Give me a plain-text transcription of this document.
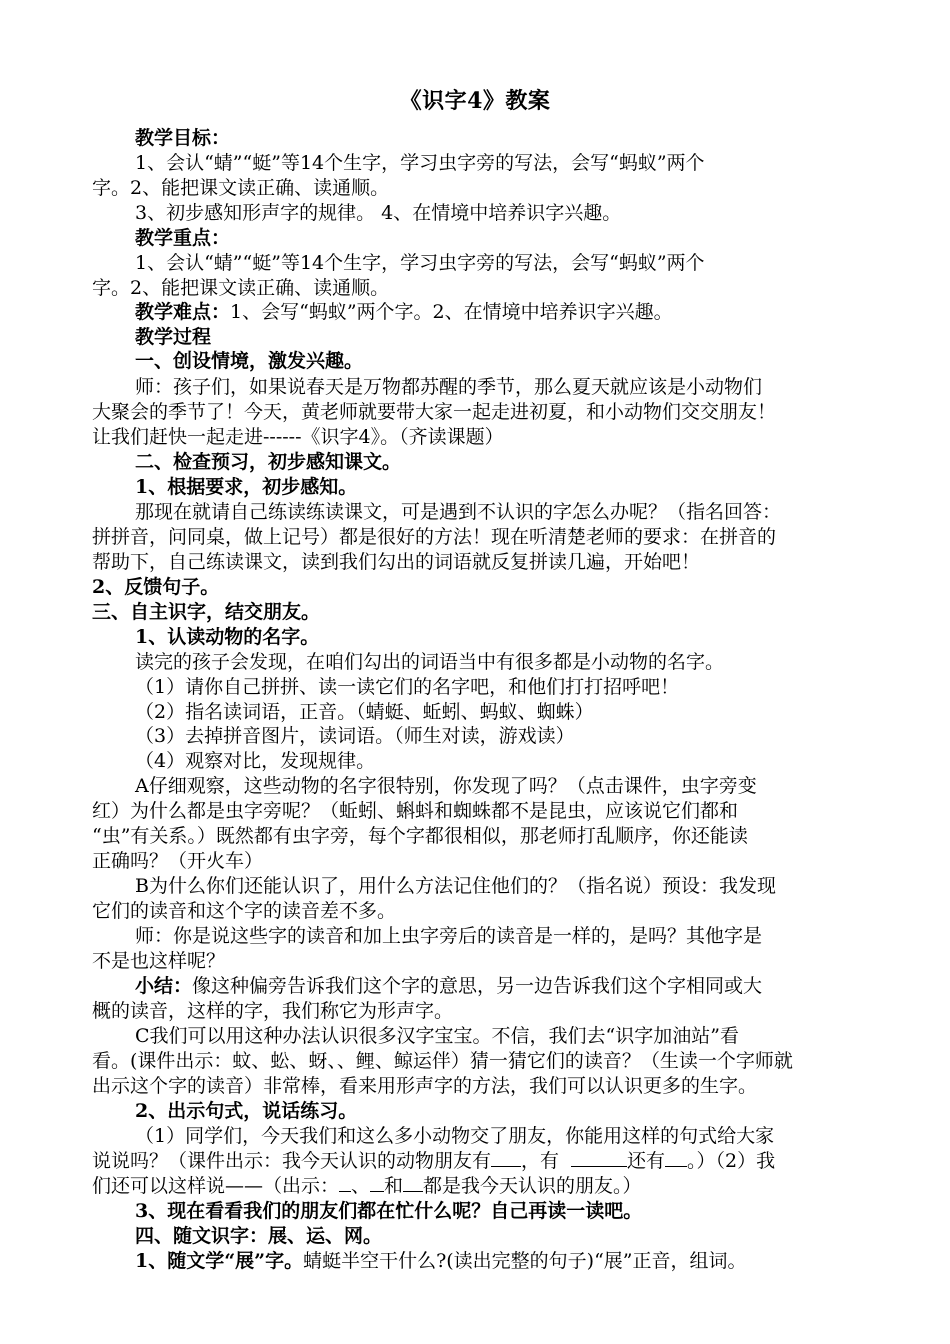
《识字4》教案
教学目标：
1、会认“蜻”“蜓”等14个生字，学习虫字旁的写法，会写“蚂蚁”两个
字。2、能把课文读正确、读通顺。
3、初步感知形声字的规律。 4、在情境中培养识字兴趣。
教学重点：
1、会认“蜻”“蜓”等14个生字，学习虫字旁的写法，会写“蚂蚁”两个
字。2、能把课文读正确、读通顺。
教学难点：1、会写“蚂蚁”两个字。2、在情境中培养识字兴趣。
教学过程
一、创设情境，激发兴趣。
师：孩子们，如果说春天是万物都苏醒的季节，那么夏天就应该是小动物们
大聚会的季节了！今天，黄老师就要带大家一起走进初夏，和小动物们交交朋友！
让我们赶快一起走进------《识字4》。（齐读课题）
二、检查预习，初步感知课文。
1、根据要求，初步感知。
那现在就请自己练读练读课文，可是遇到不认识的字怎么办呢？（指名回答：
拼拼音，问同桌，做上记号）都是很好的方法！现在听清楚老师的要求：在拼音的
帮助下，自己练读课文，读到我们勾出的词语就反复拼读几遍，开始吧！
2、反馈句子。
三、自主识字，结交朋友。
1、认读动物的名字。
读完的孩子会发现，在咱们勾出的词语当中有很多都是小动物的名字。
（1）请你自己拼拼、读一读它们的名字吧，和他们打打招呼吧！
（2）指名读词语，正音。（蜻蜓、蚯蚓、蚂蚁、蜘蛛）
（3）去掉拼音图片，读词语。（师生对读，游戏读）
（4）观察对比，发现规律。
A仔细观察，这些动物的名字很特别，你发现了吗？（点击课件，虫字旁变
红）为什么都是虫字旁呢？（蚯蚓、蝌蚪和蜘蛛都不是昆虫，应该说它们都和
“虫”有关系。）既然都有虫字旁，每个字都很相似，那老师打乱顺序，你还能读
正确吗？（开火车）
B为什么你们还能认识了，用什么方法记住他们的？（指名说）预设：我发现
它们的读音和这个字的读音差不多。
师：你是说这些字的读音和加上虫字旁后的读音是一样的，是吗？其他字是
不是也这样呢？
小结：像这种偏旁告诉我们这个字的意思，另一边告诉我们这个字相同或大
概的读音，这样的字，我们称它为形声字。
C我们可以用这种办法认识很多汉字宝宝。不信，我们去“识字加油站”看
看。(课件出示：蚊、蚣、蚜、、鲤、鲸运伴）猜一猜它们的读音？（生读一个字师就
出示这个字的读音）非常棒，看来用形声字的方法，我们可以认识更多的生字。
2、出示句式，说话练习。
（1）同学们，今天我们和这么多小动物交了朋友，你能用这样的句式给大家
说说吗？（课件出示：我今天认识的动物朋友有 ，有	还有 。）（2）我
们还可以这样说——（出示： 、 和 都是我今天认识的朋友。）
3、现在看看我们的朋友们都在忙什么呢？自己再读一读吧。
四、随文识字：展、运、网。
1、随文学“展”字。蜻蜓半空干什么?(读出完整的句子)“展”正音，组词。
